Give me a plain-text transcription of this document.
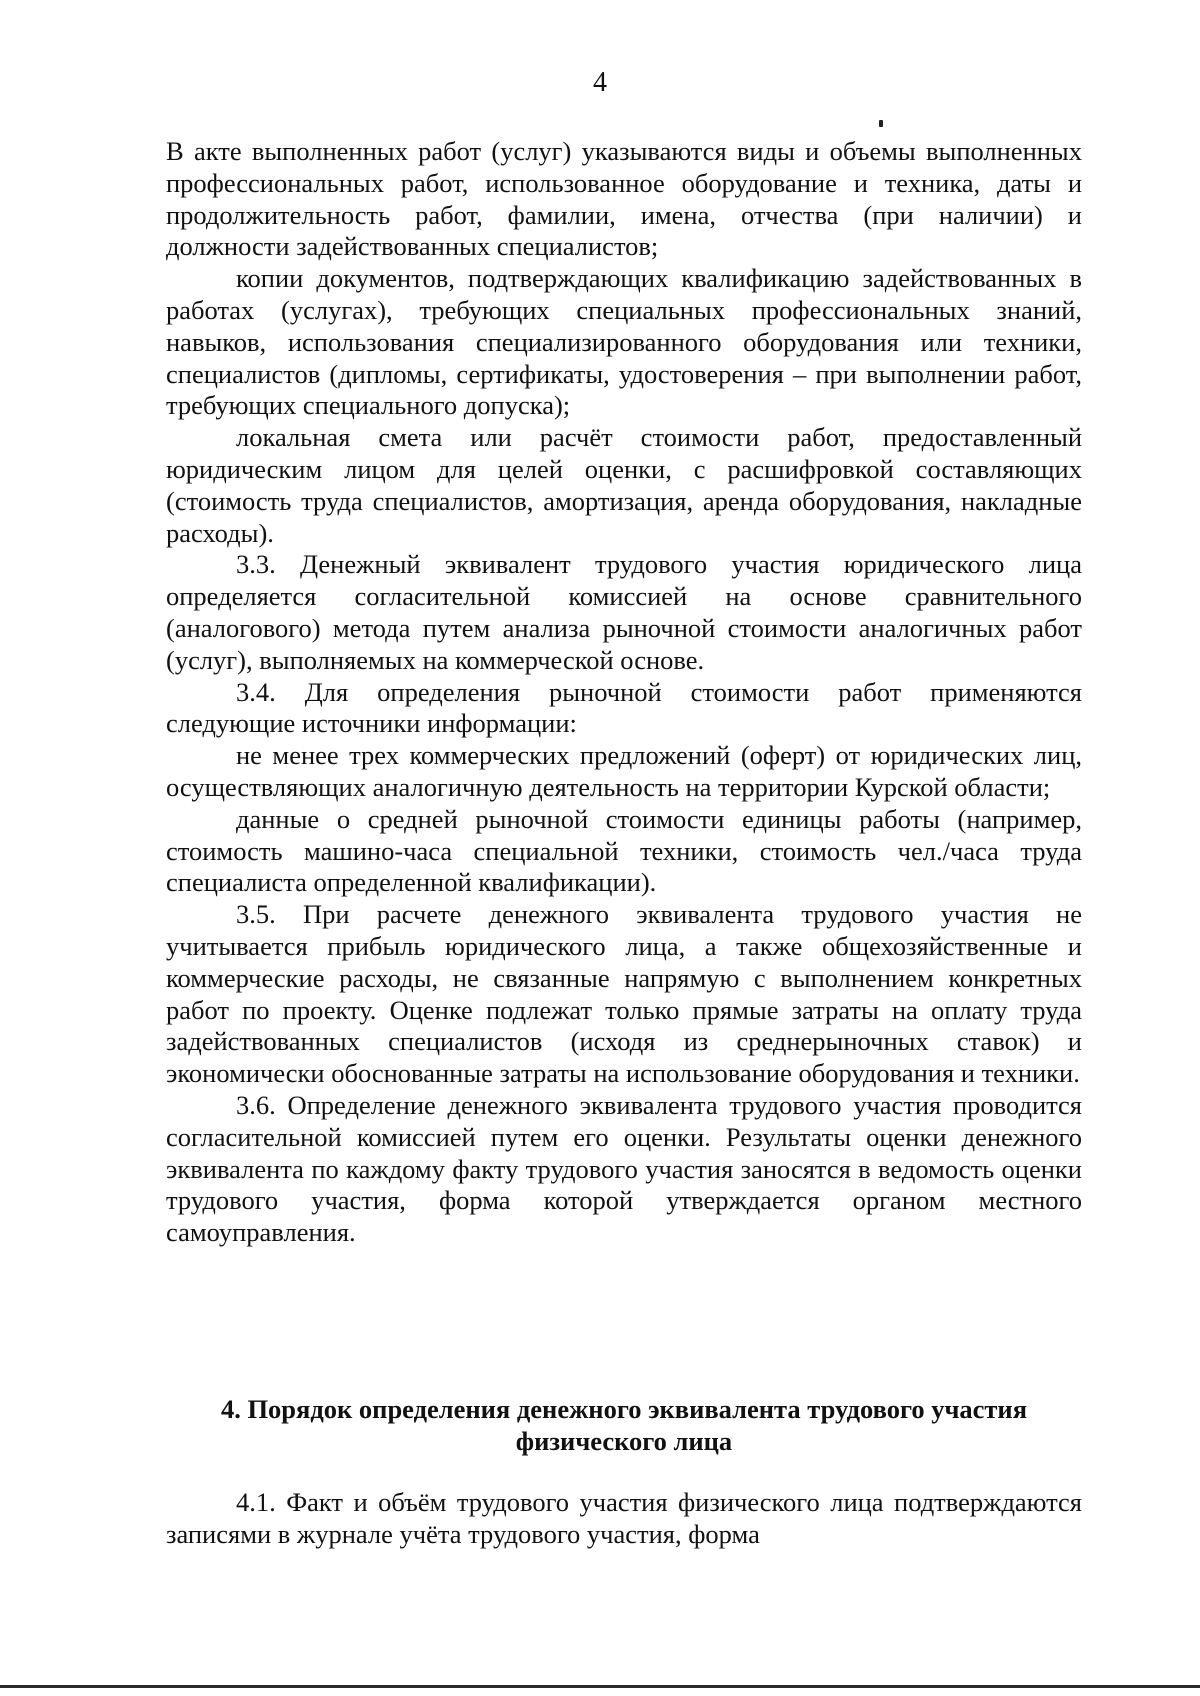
4

В акте выполненных работ (услуг) указываются виды и объемы выполненных профессиональных работ, использованное оборудование и техника, даты и продолжительность работ, фамилии, имена, отчества (при наличии) и должности задействованных специалистов;

копии документов, подтверждающих квалификацию задействованных в работах (услугах), требующих специальных профессиональных знаний, навыков, использования специализированного оборудования или техники, специалистов (дипломы, сертификаты, удостоверения – при выполнении работ, требующих специального допуска);

локальная смета или расчёт стоимости работ, предоставленный юридическим лицом для целей оценки, с расшифровкой составляющих (стоимость труда специалистов, амортизация, аренда оборудования, накладные расходы).

3.3. Денежный эквивалент трудового участия юридического лица определяется согласительной комиссией на основе сравнительного (аналогового) метода путем анализа рыночной стоимости аналогичных работ (услуг), выполняемых на коммерческой основе.

3.4. Для определения рыночной стоимости работ применяются следующие источники информации:

не менее трех коммерческих предложений (оферт) от юридических лиц, осуществляющих аналогичную деятельность на территории Курской области;

данные о средней рыночной стоимости единицы работы (например, стоимость машино-часа специальной техники, стоимость чел./часа труда специалиста определенной квалификации).

3.5. При расчете денежного эквивалента трудового участия не учитывается прибыль юридического лица, а также общехозяйственные и коммерческие расходы, не связанные напрямую с выполнением конкретных работ по проекту. Оценке подлежат только прямые затраты на оплату труда задействованных специалистов (исходя из среднерыночных ставок) и экономически обоснованные затраты на использование оборудования и техники.

3.6. Определение денежного эквивалента трудового участия проводится согласительной комиссией путем его оценки. Результаты оценки денежного эквивалента по каждому факту трудового участия заносятся в ведомость оценки трудового участия, форма которой утверждается органом местного самоуправления.

4. Порядок определения денежного эквивалента трудового участия
физического лица

4.1. Факт и объём трудового участия физического лица подтверждаются записями в журнале учёта трудового участия, форма
